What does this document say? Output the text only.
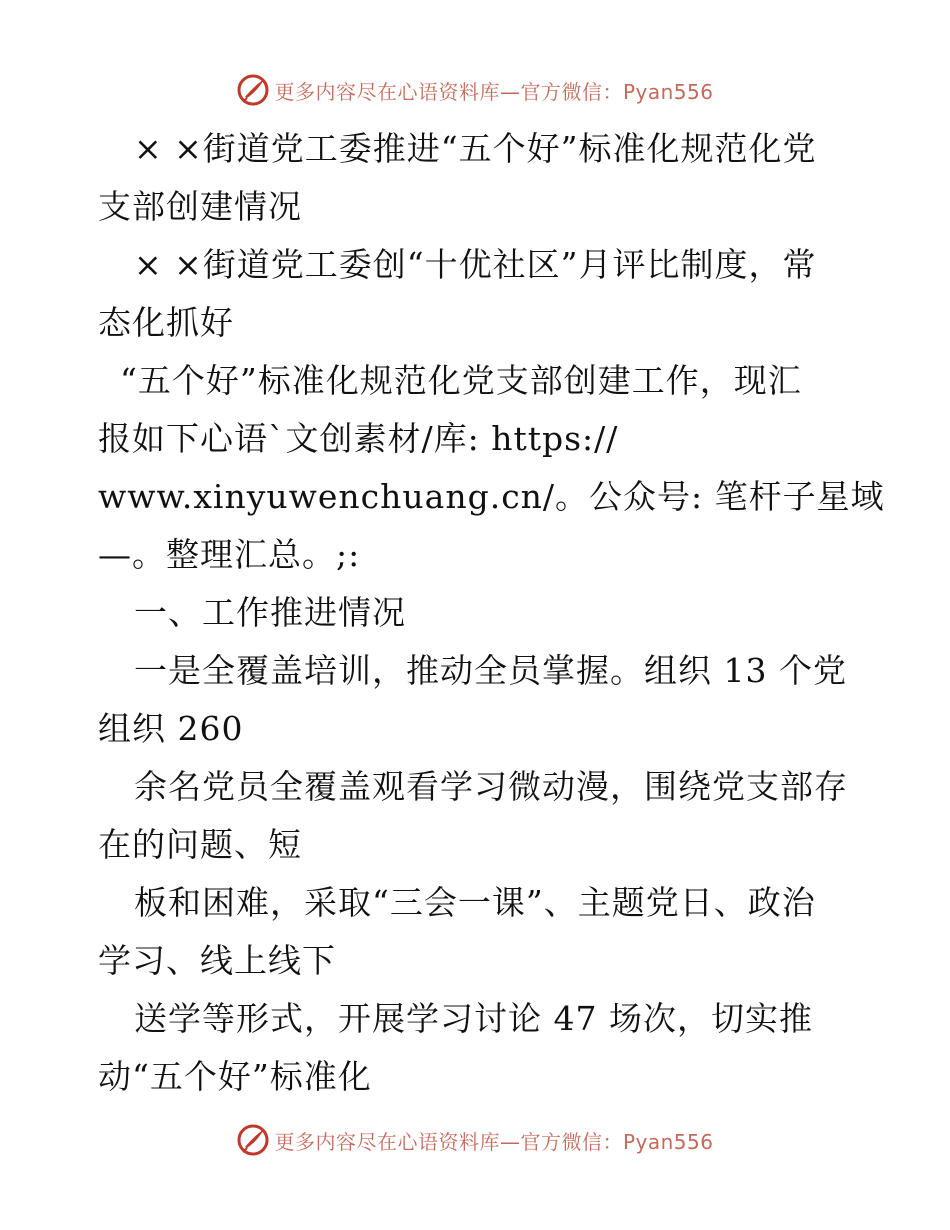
更多内容尽在心语资料库—官方微信：Pyan556
× ×街道党工委推进“五个好”标准化规范化党
支部创建情况
× ×街道党工委创“十优社区”月评比制度，常
态化抓好
“五个好”标准化规范化党支部创建工作，现汇
报如下心语`文创素材/库: https://
www.xinyuwenchuang.cn/。公众号: 笔杆子星域
—。整理汇总。;:
一、工作推进情况
一是全覆盖培训，推动全员掌握。组织 13 个党
组织 260
余名党员全覆盖观看学习微动漫，围绕党支部存
在的问题、短
板和困难，采取“三会一课”、主题党日、政治
学习、线上线下
送学等形式，开展学习讨论 47 场次，切实推
动“五个好”标准化
更多内容尽在心语资料库—官方微信：Pyan556
